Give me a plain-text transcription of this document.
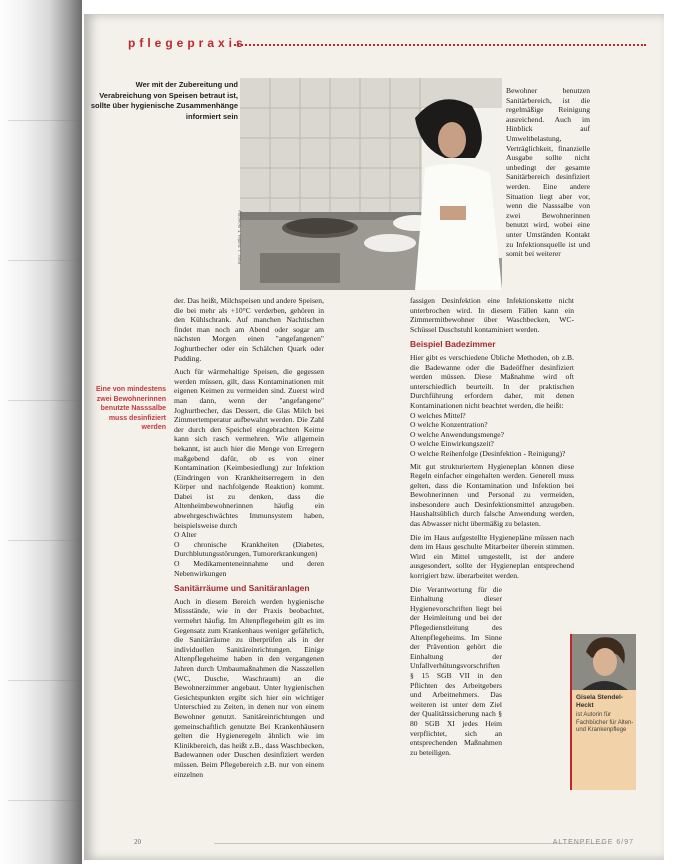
pflegepraxis
Wer mit der Zubereitung und Verabreichung von Speisen betraut ist, sollte über hygienische Zusammenhänge informiert sein
Foto: J. Sattler, T. Nowotny
Bewohner benutzen Sanitärbereich, ist die regelmäßige Reinigung ausreichend. Auch im Hinblick auf Umweltbelastung, Verträglichkeit, finanzielle Ausgabe sollte nicht unbedingt der gesamte Sanitärbereich desinfiziert werden. Eine andere Situation liegt aber vor, wenn die Nasssalbe von zwei Bewohnerinnen benutzt wird, wobei eine unter Umständen Kontakt zu Infektionsquelle ist und somit bei weiterer

der. Das heißt, Milchspeisen und andere Speisen, die bei mehr als +10°C verderben, gehören in den Kühlschrank. Auf manchen Nachtischen findet man noch am Abend oder sogar am nächsten Morgen einen "angefangenen" Joghurtbecher oder ein Schälchen Quark oder Pudding.

Auch für wärmehaltige Speisen, die gegessen werden müssen, gilt, dass Kontaminationen mit eigenen Keimen zu vermeiden sind. Zuerst wird man dann, wenn der "angefangene" Joghurtbecher, das Dessert, die Glas Milch bei Zimmertemperatur aufbewahrt werden. Die Zahl der durch den Speichel eingebrachten Keime kann sich rasch vermehren. Wie allgemein bekannt, ist auch hier die Menge von Erregern maßgebend dafür, ob es von einer Kontamination (Keimbesiedlung) zur Infektion (Eindringen von Krankheitserregern in den Körper und nachfolgende Reaktion) kommt. Dabei ist zu denken, dass die Altenheimbewohnerinnen häufig ein abwehrgeschwächtes Immunsystem haben, beispielsweise durch

O Alter

O chronische Krankheiten (Diabetes, Durchblutungsstörungen, Tumorerkrankungen)

O Medikamenteneinnahme und deren Nebenwirkungen

Sanitärräume und Sanitäranlagen

Auch in diesem Bereich werden hygienische Missstände, wie in der Praxis beobachtet, vermehrt häufig. Im Altenpflegeheim gilt es im Gegensatz zum Krankenhaus weniger gefährlich, die Sanitärräume zu überprüfen als in der individuellen Sanitäreinrichtungen. Einige Altenpflegeheime haben in den vergangenen Jahren durch Umbaumaßnahmen die Nasszellen (WC, Dusche, Waschraum) an die Bewohnerzimmer angebaut. Unter hygienischen Gesichtspunkten ergibt sich hier ein wichtiger Unterschied zu Zeiten, in denen nur von einem Bewohner genutzt. Sanitäreinrichtungen und gemeinschaftlich genutzte Bei Krankenhäusern gelten die Hygieneregeln ähnlich wie im Klinikbereich, das heißt z.B., dass Waschbecken, Badewannen oder Duschen desinfiziert werden müssen. Beim Pflegebereich z.B. nur von einem einzelnen

fassigen Desinfektion eine Infektionskette nicht unterbrochen wird. In diesem Fällen kann ein Zimmermitbewohner über Waschbecken, WC-Schüssel Duschstuhl kontaminiert werden.

Beispiel Badezimmer

Hier gibt es verschiedene Übliche Methoden, ob z.B. die Badewanne oder die Badeöffner desinfiziert werden müssen. Diese Maßnahme wird oft unterschiedlich beurteilt. In der praktischen Durchführung erfordern daher, mit denen Kontaminationen nicht beachtet werden, die heißt:

O welches Mittel?

O welche Konzentration?

O welche Anwendungsmenge?

O welche Einwirkungszeit?

O welche Reihenfolge (Desinfektion - Reinigung)?

Mit gut strukturiertem Hygieneplan können diese Regeln einfacher eingehalten werden. Generell muss gelten, dass die Kontamination und Infektion bei Bewohnerinnen und Personal zu vermeiden, insbesondere auch Desinfektionsmittel anzugeben. Haushaltsüblich durch falsche Anwendung werden, das Abwasser nicht übermäßig zu belasten.

Die im Haus aufgestellte Hygienepläne müssen nach dem im Haus geschulte Mitarbeiter überein stimmen. Wird ein Mittel umgestellt, ist der andere ausgesondert, sollte der Hygieneplan entsprechend korrigiert bzw. überarbeitet werden.

Die Verantwortung für die Einhaltung dieser Hygienevorschriften liegt bei der Heimleitung und bei der Pflegedienstleitung des Altenpflegeheims. Im Sinne der Prävention gehört die Einhaltung der Unfallverhütungsvorschriften § 15 SGB VII in den Pflichten des Arbeitgebers und Arbeitnehmers. Das weiteren ist unter dem Ziel der Qualitätssicherung nach § 80 SGB XI jedes Heim verpflichtet, sich an entsprechenden Maßnahmen zu beteiligen.

Eine von mindestens zwei Bewohnerinnen benutzte Nasssalbe muss desinfiziert werden
Gisela Stendel-Heckt
ist Autorin für Fachbücher für Alten- und Krankenpflege
20	ALTENPFLEGE 6/97
